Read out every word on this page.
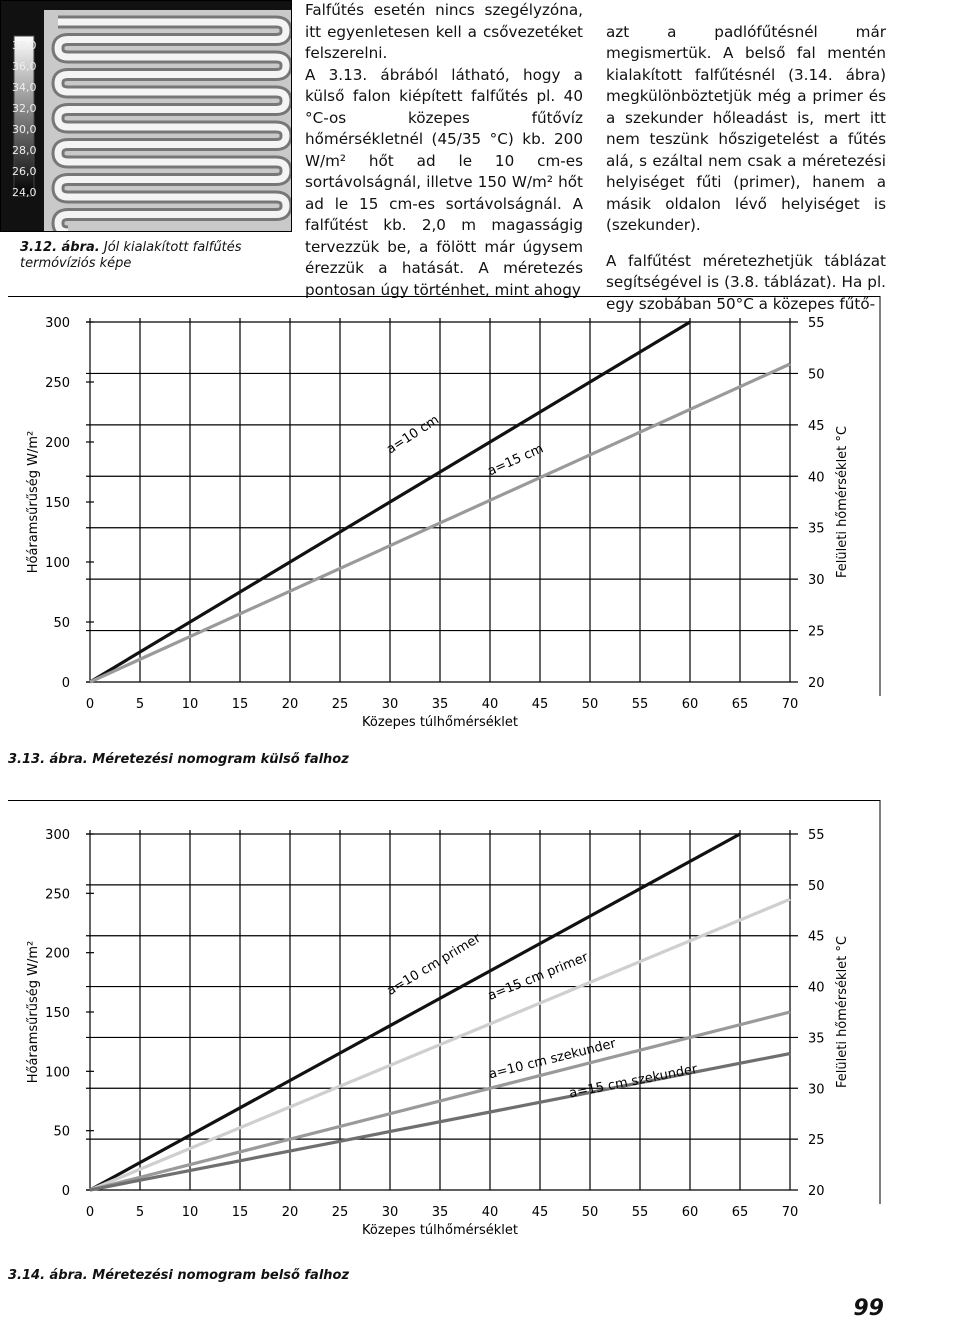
38,0
36,0
34,0
32,0
30,0
28,0
26,0
24,0
3.12. ábra. Jól kialakított falfűtés termóvíziós képe
Falfűtés esetén nincs szegélyzóna, itt egyenletesen kell a csővezetéket felszerelni.
A 3.13. ábrából látható, hogy a külső falon kiépített falfűtés pl. 40 °C-os közepes fűtővíz hőmérsékletnél (45/35 °C) kb. 200 W/m² hőt ad le 10 cm-es sortávolságnál, illetve 150 W/m² hőt ad le 15 cm-es sortávolságnál. A falfűtést kb. 2,0 m magasságig tervezzük be, a fölött már úgysem érezzük a hatását. A méretezés pontosan úgy történhet, mint ahogy

azt a padlófűtésnél már megismertük. A belső fal mentén kialakított falfűtésnél (3.14. ábra) megkülönböztetjük még a primer és a szekunder hőleadást is, mert itt nem teszünk hőszigetelést a fűtés alá, s ezáltal nem csak a méretezési helyiséget fűti (primer), hanem a másik oldalon lévő helyiséget is (szekunder).

A falfűtést méretezhetjük táblázat segítségével is (3.8. táblázat). Ha pl. egy szobában 50°C a közepes fűtő-

a=10 cm
a=15 cm
0
50
100
150
200
250
300
20
25
30
35
40
45
50
55
0	5	10	15	20	25	30	35	40	45	50	55	60	65	70
Közepes túlhőmérséklet
Hőáramsűrűség W/m²	Felületi hőmérséklet °C
3.13. ábra. Méretezési nomogram külső falhoz
a=10 cm primer a=15 cm primer
a=10 cm szekunder
a=15 cm szekunder
0
50
100
150
200
250
300
20
25
30
35
40
45
50
55
0	5	10	15	20	25	30	35	40	45	50	55	60	65	70
Közepes túlhőmérséklet
Hőáramsűrűség W/m²	Felületi hőmérséklet °C
3.14. ábra. Méretezési nomogram belső falhoz
99
